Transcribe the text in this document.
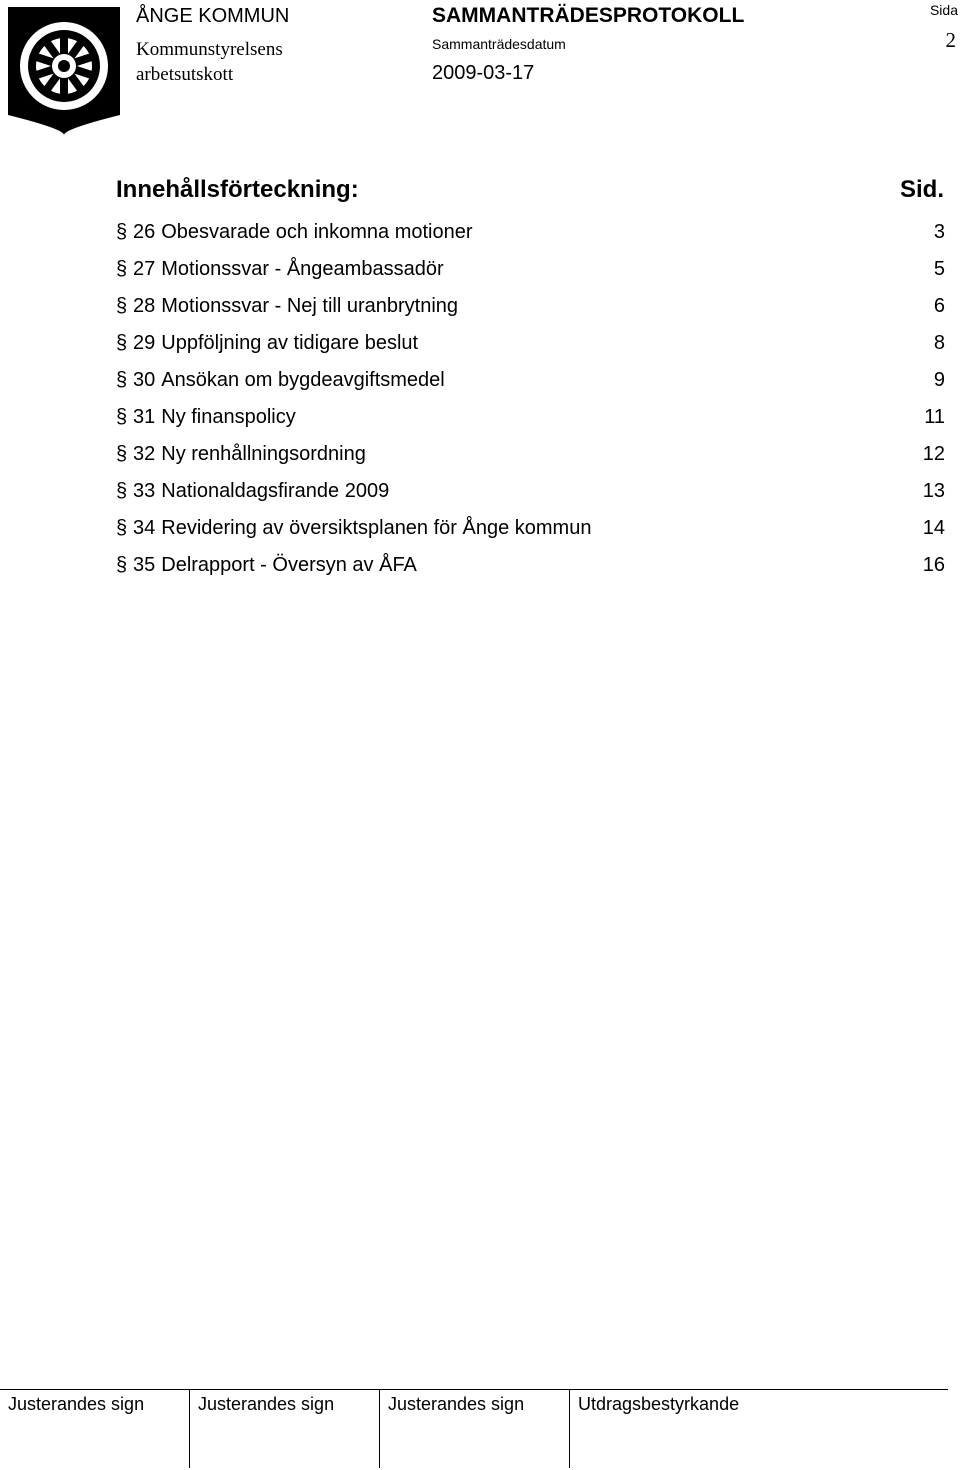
ÅNGE KOMMUN
Kommunstyrelsens
arbetsutskott
SAMMANTRÄDESPROTOKOLL
Sammanträdesdatum
2009-03-17
Sida
2
Innehållsförteckning:	Sid.
§ 26 Obesvarade och inkomna motioner	3
§ 27 Motionssvar - Ångeambassadör	5
§ 28 Motionssvar - Nej till uranbrytning	6
§ 29 Uppföljning av tidigare beslut	8
§ 30 Ansökan om bygdeavgiftsmedel	9
§ 31 Ny finanspolicy	11
§ 32 Ny renhållningsordning	12
§ 33 Nationaldagsfirande 2009	13
§ 34 Revidering av översiktsplanen för Ånge kommun	14
§ 35 Delrapport - Översyn av ÅFA	16
Justerandes sign	Justerandes sign	Justerandes sign	Utdragsbestyrkande
